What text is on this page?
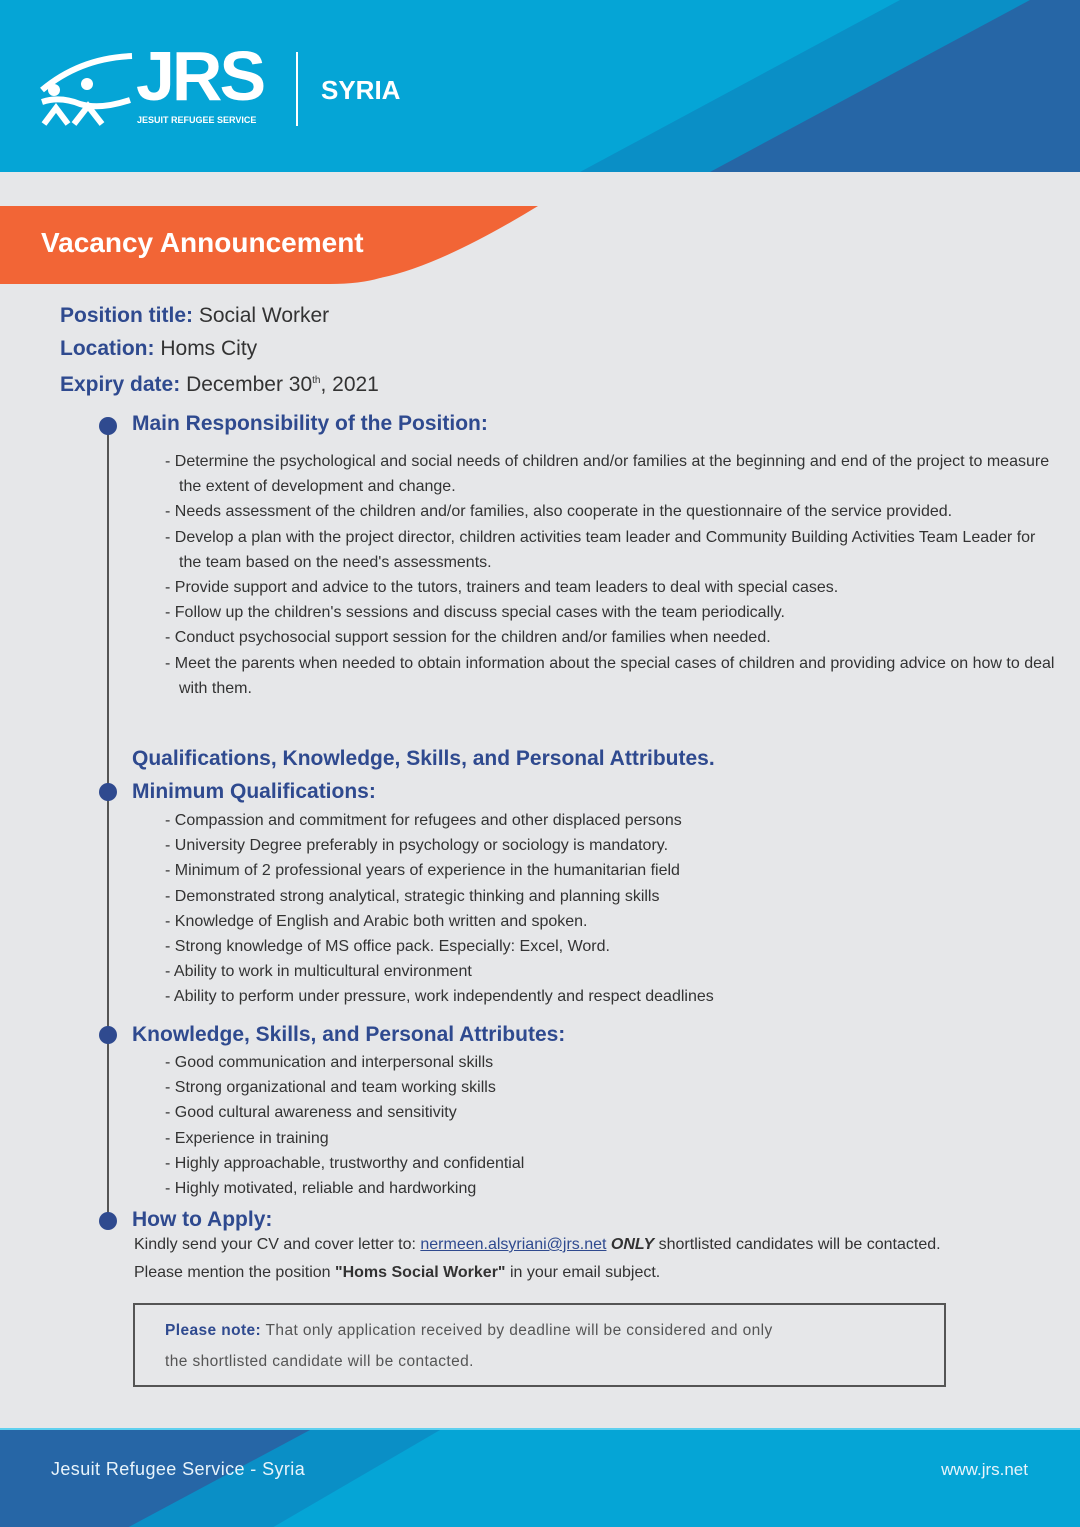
JRS
JESUIT REFUGEE SERVICE
SYRIA
Vacancy Announcement
Position title: Social Worker
Location: Homs City
Expiry date: December 30th, 2021
Main Responsibility of the Position:
- Determine the psychological and social needs of children and/or families at the beginning and end of the project to measure the extent of development and change.
- Needs assessment of the children and/or families, also cooperate in the questionnaire of the service provided.
- Develop a plan with the project director, children activities team leader and Community Building Activities Team Leader for the team based on the need's assessments.
- Provide support and advice to the tutors, trainers and team leaders to deal with special cases.
- Follow up the children's sessions and discuss special cases with the team periodically.
- Conduct psychosocial support session for the children and/or families when needed.
- Meet the parents when needed to obtain information about the special cases of children and providing advice on how to deal with them.
Qualifications, Knowledge, Skills, and Personal Attributes.
Minimum Qualifications:
- Compassion and commitment for refugees and other displaced persons
- University Degree preferably in psychology or sociology is mandatory.
- Minimum of 2 professional years of experience in the humanitarian field
- Demonstrated strong analytical, strategic thinking and planning skills
- Knowledge of English and Arabic both written and spoken.
- Strong knowledge of MS office pack. Especially: Excel, Word.
- Ability to work in multicultural environment
- Ability to perform under pressure, work independently and respect deadlines
Knowledge, Skills, and Personal Attributes:
- Good communication and interpersonal skills
- Strong organizational and team working skills
- Good cultural awareness and sensitivity
- Experience in training
- Highly approachable, trustworthy and confidential
- Highly motivated, reliable and hardworking
How to Apply:
Kindly send your CV and cover letter to: nermeen.alsyriani@jrs.net ONLY shortlisted candidates will be contacted.
Please mention the position "Homs Social Worker" in your email subject.
Please note: That only application received by deadline will be considered and only
the shortlisted candidate will be contacted.
Jesuit Refugee Service - Syria	www.jrs.net
